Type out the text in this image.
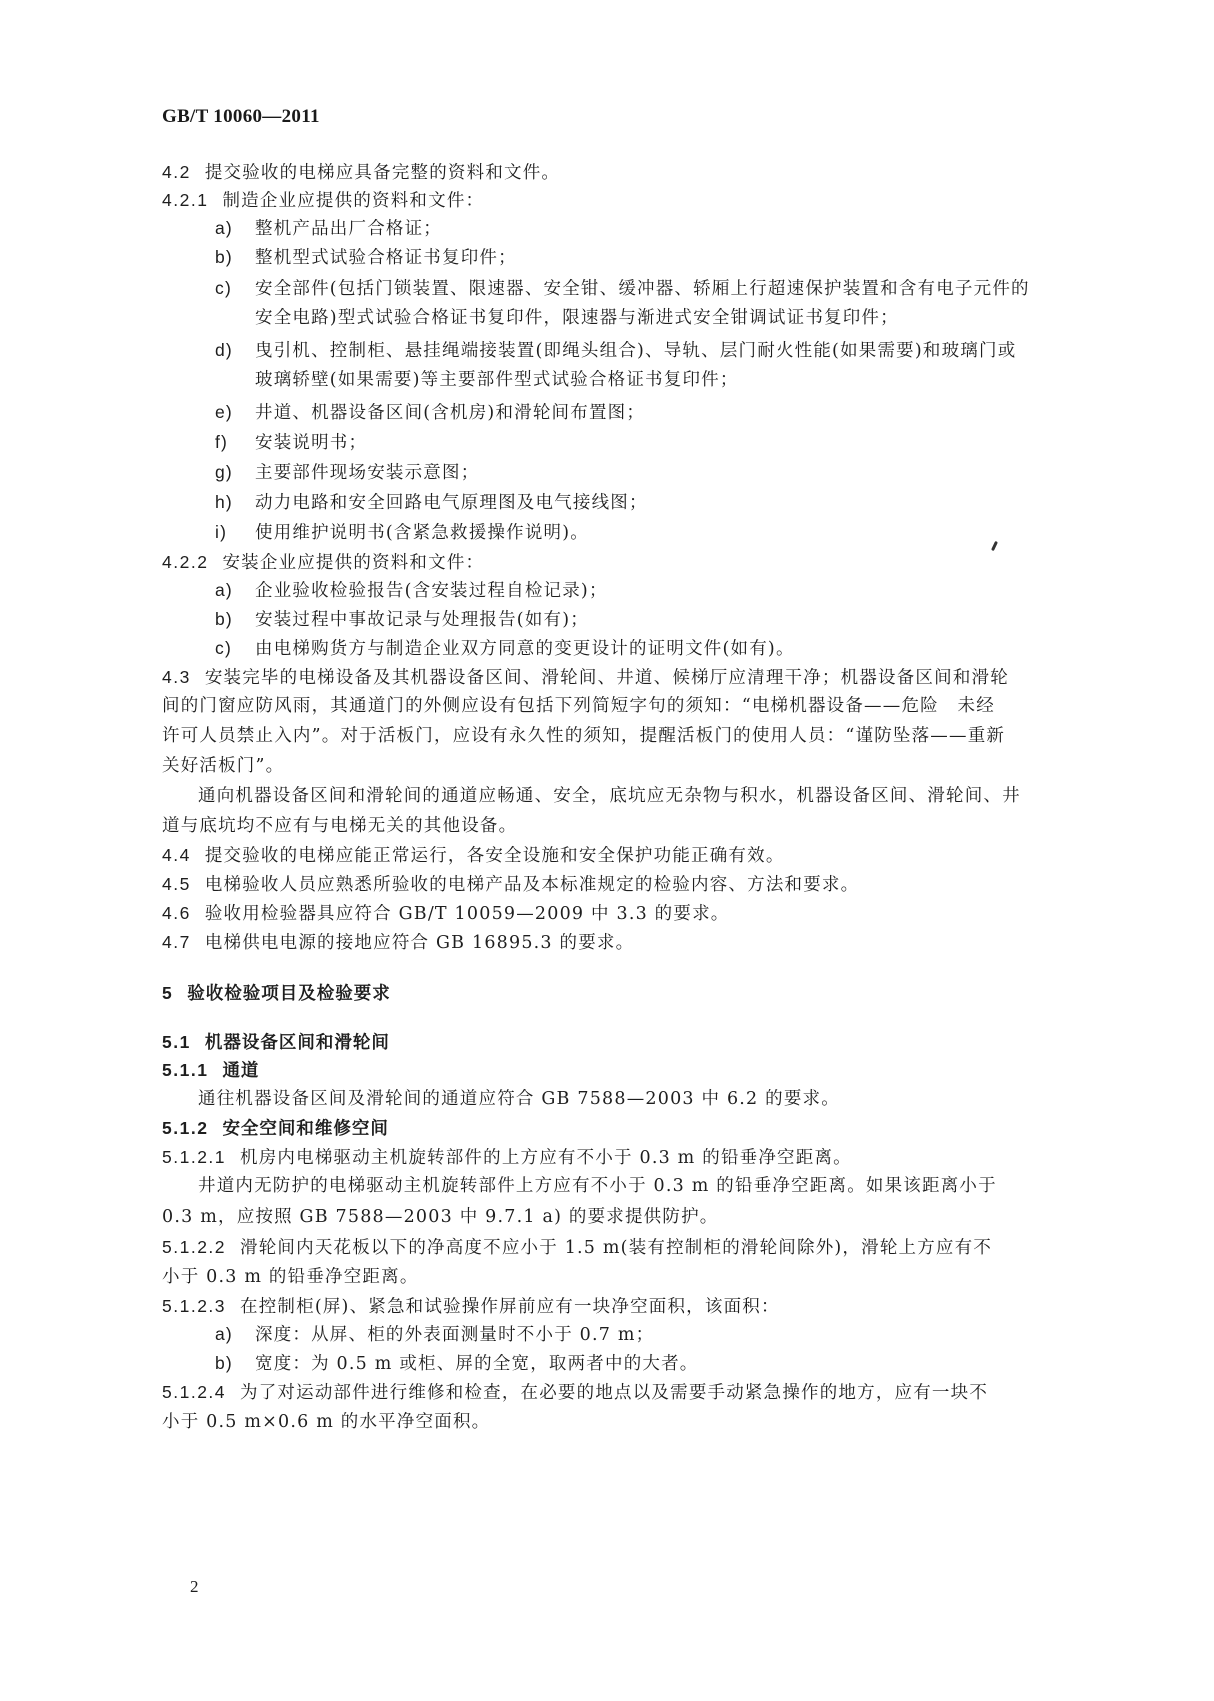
GB/T 10060—2011
4.2 提交验收的电梯应具备完整的资料和文件。
4.2.1 制造企业应提供的资料和文件：
a) 整机产品出厂合格证；
b) 整机型式试验合格证书复印件；
c) 安全部件(包括门锁装置、限速器、安全钳、缓冲器、轿厢上行超速保护装置和含有电子元件的
安全电路)型式试验合格证书复印件，限速器与渐进式安全钳调试证书复印件；
d) 曳引机、控制柜、悬挂绳端接装置(即绳头组合)、导轨、层门耐火性能(如果需要)和玻璃门或
玻璃轿壁(如果需要)等主要部件型式试验合格证书复印件；
e) 井道、机器设备区间(含机房)和滑轮间布置图；
f) 安装说明书；
g) 主要部件现场安装示意图；
h) 动力电路和安全回路电气原理图及电气接线图；
i) 使用维护说明书(含紧急救援操作说明)。
4.2.2 安装企业应提供的资料和文件：
a) 企业验收检验报告(含安装过程自检记录)；
b) 安装过程中事故记录与处理报告(如有)；
c) 由电梯购货方与制造企业双方同意的变更设计的证明文件(如有)。
4.3 安装完毕的电梯设备及其机器设备区间、滑轮间、井道、候梯厅应清理干净；机器设备区间和滑轮
间的门窗应防风雨，其通道门的外侧应设有包括下列简短字句的须知：“电梯机器设备——危险　未经
许可人员禁止入内”。对于活板门，应设有永久性的须知，提醒活板门的使用人员：“谨防坠落——重新
关好活板门”。
通向机器设备区间和滑轮间的通道应畅通、安全，底坑应无杂物与积水，机器设备区间、滑轮间、井
道与底坑均不应有与电梯无关的其他设备。
4.4 提交验收的电梯应能正常运行，各安全设施和安全保护功能正确有效。
4.5 电梯验收人员应熟悉所验收的电梯产品及本标准规定的检验内容、方法和要求。
4.6 验收用检验器具应符合 GB/T 10059—2009 中 3.3 的要求。
4.7 电梯供电电源的接地应符合 GB 16895.3 的要求。
5 验收检验项目及检验要求
5.1 机器设备区间和滑轮间
5.1.1 通道
通往机器设备区间及滑轮间的通道应符合 GB 7588—2003 中 6.2 的要求。
5.1.2 安全空间和维修空间
5.1.2.1 机房内电梯驱动主机旋转部件的上方应有不小于 0.3 m 的铅垂净空距离。
井道内无防护的电梯驱动主机旋转部件上方应有不小于 0.3 m 的铅垂净空距离。如果该距离小于
0.3 m，应按照 GB 7588—2003 中 9.7.1 a) 的要求提供防护。
5.1.2.2 滑轮间内天花板以下的净高度不应小于 1.5 m(装有控制柜的滑轮间除外)，滑轮上方应有不
小于 0.3 m 的铅垂净空距离。
5.1.2.3 在控制柜(屏)、紧急和试验操作屏前应有一块净空面积，该面积：
a) 深度：从屏、柜的外表面测量时不小于 0.7 m；
b) 宽度：为 0.5 m 或柜、屏的全宽，取两者中的大者。
5.1.2.4 为了对运动部件进行维修和检查，在必要的地点以及需要手动紧急操作的地方，应有一块不
小于 0.5 m×0.6 m 的水平净空面积。
2
